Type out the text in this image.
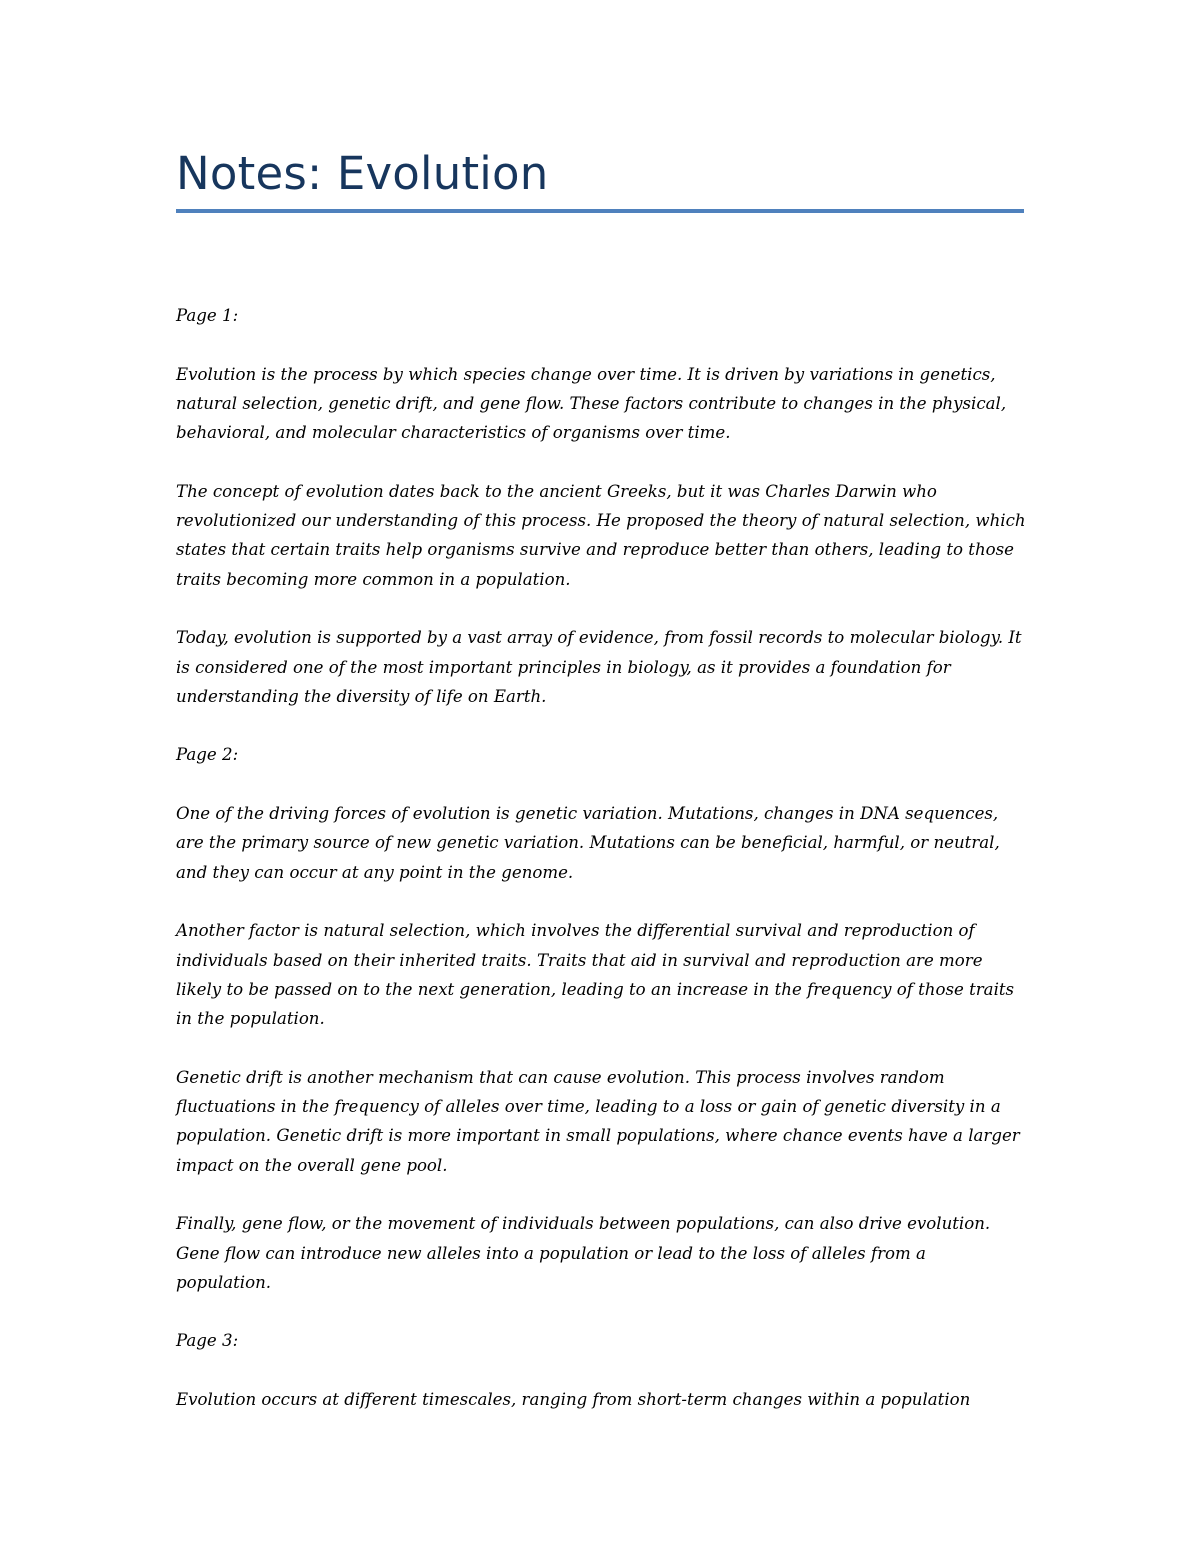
Notes: Evolution

Page 1:

Evolution is the process by which species change over time. It is driven by variations in genetics, natural selection, genetic drift, and gene flow. These factors contribute to changes in the physical, behavioral, and molecular characteristics of organisms over time.

The concept of evolution dates back to the ancient Greeks, but it was Charles Darwin who revolutionized our understanding of this process. He proposed the theory of natural selection, which states that certain traits help organisms survive and reproduce better than others, leading to those traits becoming more common in a population.

Today, evolution is supported by a vast array of evidence, from fossil records to molecular biology. It is considered one of the most important principles in biology, as it provides a foundation for understanding the diversity of life on Earth.

Page 2:

One of the driving forces of evolution is genetic variation. Mutations, changes in DNA sequences, are the primary source of new genetic variation. Mutations can be beneficial, harmful, or neutral, and they can occur at any point in the genome.

Another factor is natural selection, which involves the differential survival and reproduction of individuals based on their inherited traits. Traits that aid in survival and reproduction are more likely to be passed on to the next generation, leading to an increase in the frequency of those traits in the population.

Genetic drift is another mechanism that can cause evolution. This process involves random fluctuations in the frequency of alleles over time, leading to a loss or gain of genetic diversity in a population. Genetic drift is more important in small populations, where chance events have a larger impact on the overall gene pool.

Finally, gene flow, or the movement of individuals between populations, can also drive evolution. Gene flow can introduce new alleles into a population or lead to the loss of alleles from a population.

Page 3:

Evolution occurs at different timescales, ranging from short-term changes within a population
